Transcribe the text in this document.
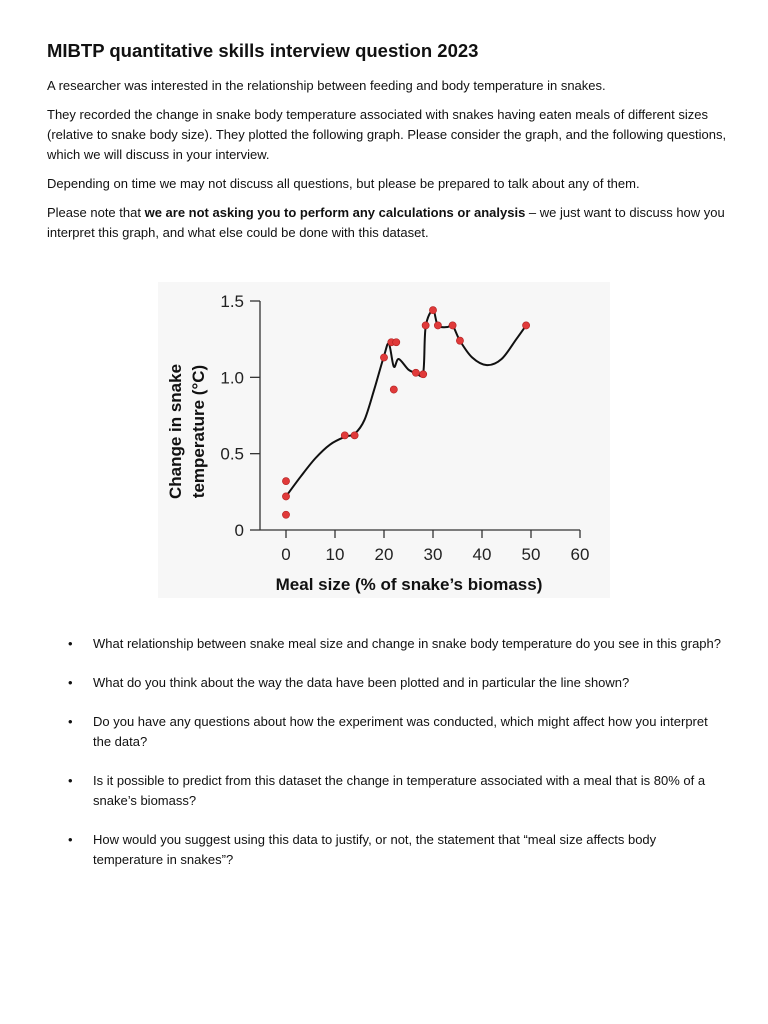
MIBTP quantitative skills interview question 2023

A researcher was interested in the relationship between feeding and body temperature in snakes.

They recorded the change in snake body temperature associated with snakes having eaten meals of different sizes (relative to snake body size). They plotted the following graph. Please consider the graph, and the following questions, which we will discuss in your interview.

Depending on time we may not discuss all questions, but please be prepared to talk about any of them.

Please note that we are not asking you to perform any calculations or analysis – we just want to discuss how you interpret this graph, and what else could be done with this dataset.

0
0.5
1.0
1.5
0 10 20 30 40 50 60
Meal size (% of snake’s biomass)
Change in snake temperature (°C)
• What relationship between snake meal size and change in snake body temperature do you see in this graph?
• What do you think about the way the data have been plotted and in particular the line shown?
• Do you have any questions about how the experiment was conducted, which might affect how you interpret the data?
• Is it possible to predict from this dataset the change in temperature associated with a meal that is 80% of a snake’s biomass?
• How would you suggest using this data to justify, or not, the statement that “meal size affects body temperature in snakes”?
